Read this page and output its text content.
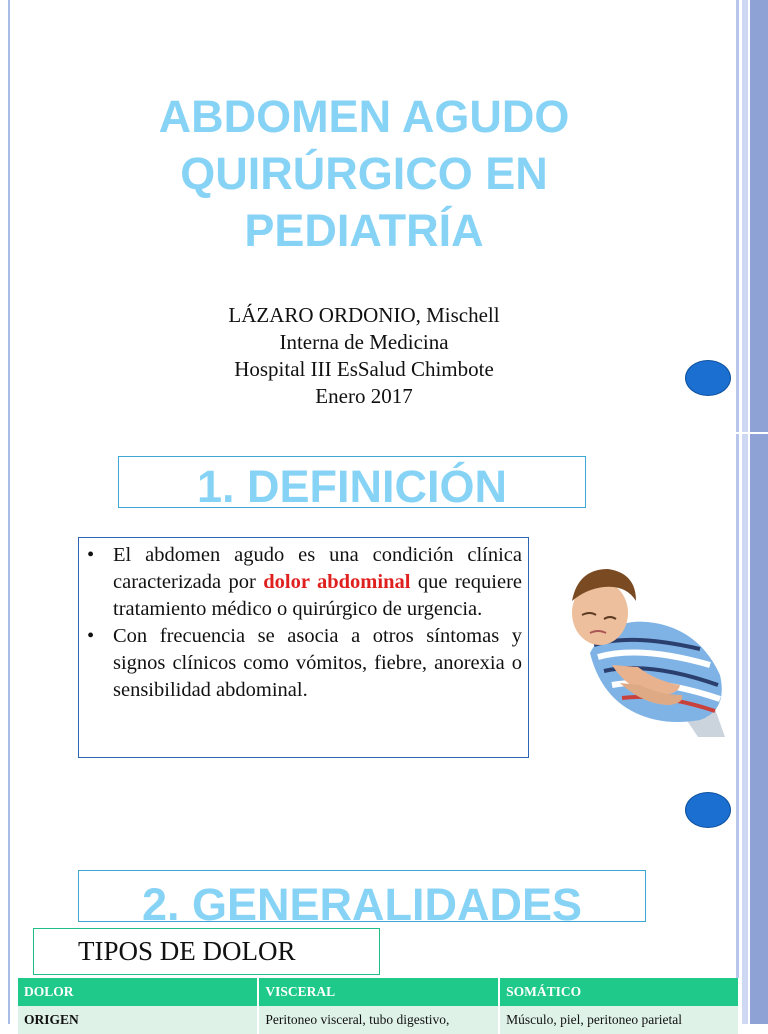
ABDOMEN AGUDO
QUIRÚRGICO EN
PEDIATRÍA
LÁZARO ORDONIO, Mischell
Interna de Medicina
Hospital III EsSalud Chimbote
Enero 2017
1. DEFINICIÓN
• El abdomen agudo es una condición clínica caracterizada por dolor abdominal que requiere tratamiento médico o quirúrgico de urgencia.
• Con frecuencia se asocia a otros síntomas y signos clínicos como vómitos, fiebre, anorexia o sensibilidad abdominal.
2. GENERALIDADES
TIPOS DE DOLOR
DOLOR	VISCERAL	SOMÁTICO
ORIGEN	Peritoneo visceral, tubo digestivo,	Músculo, piel, peritoneo parietal
